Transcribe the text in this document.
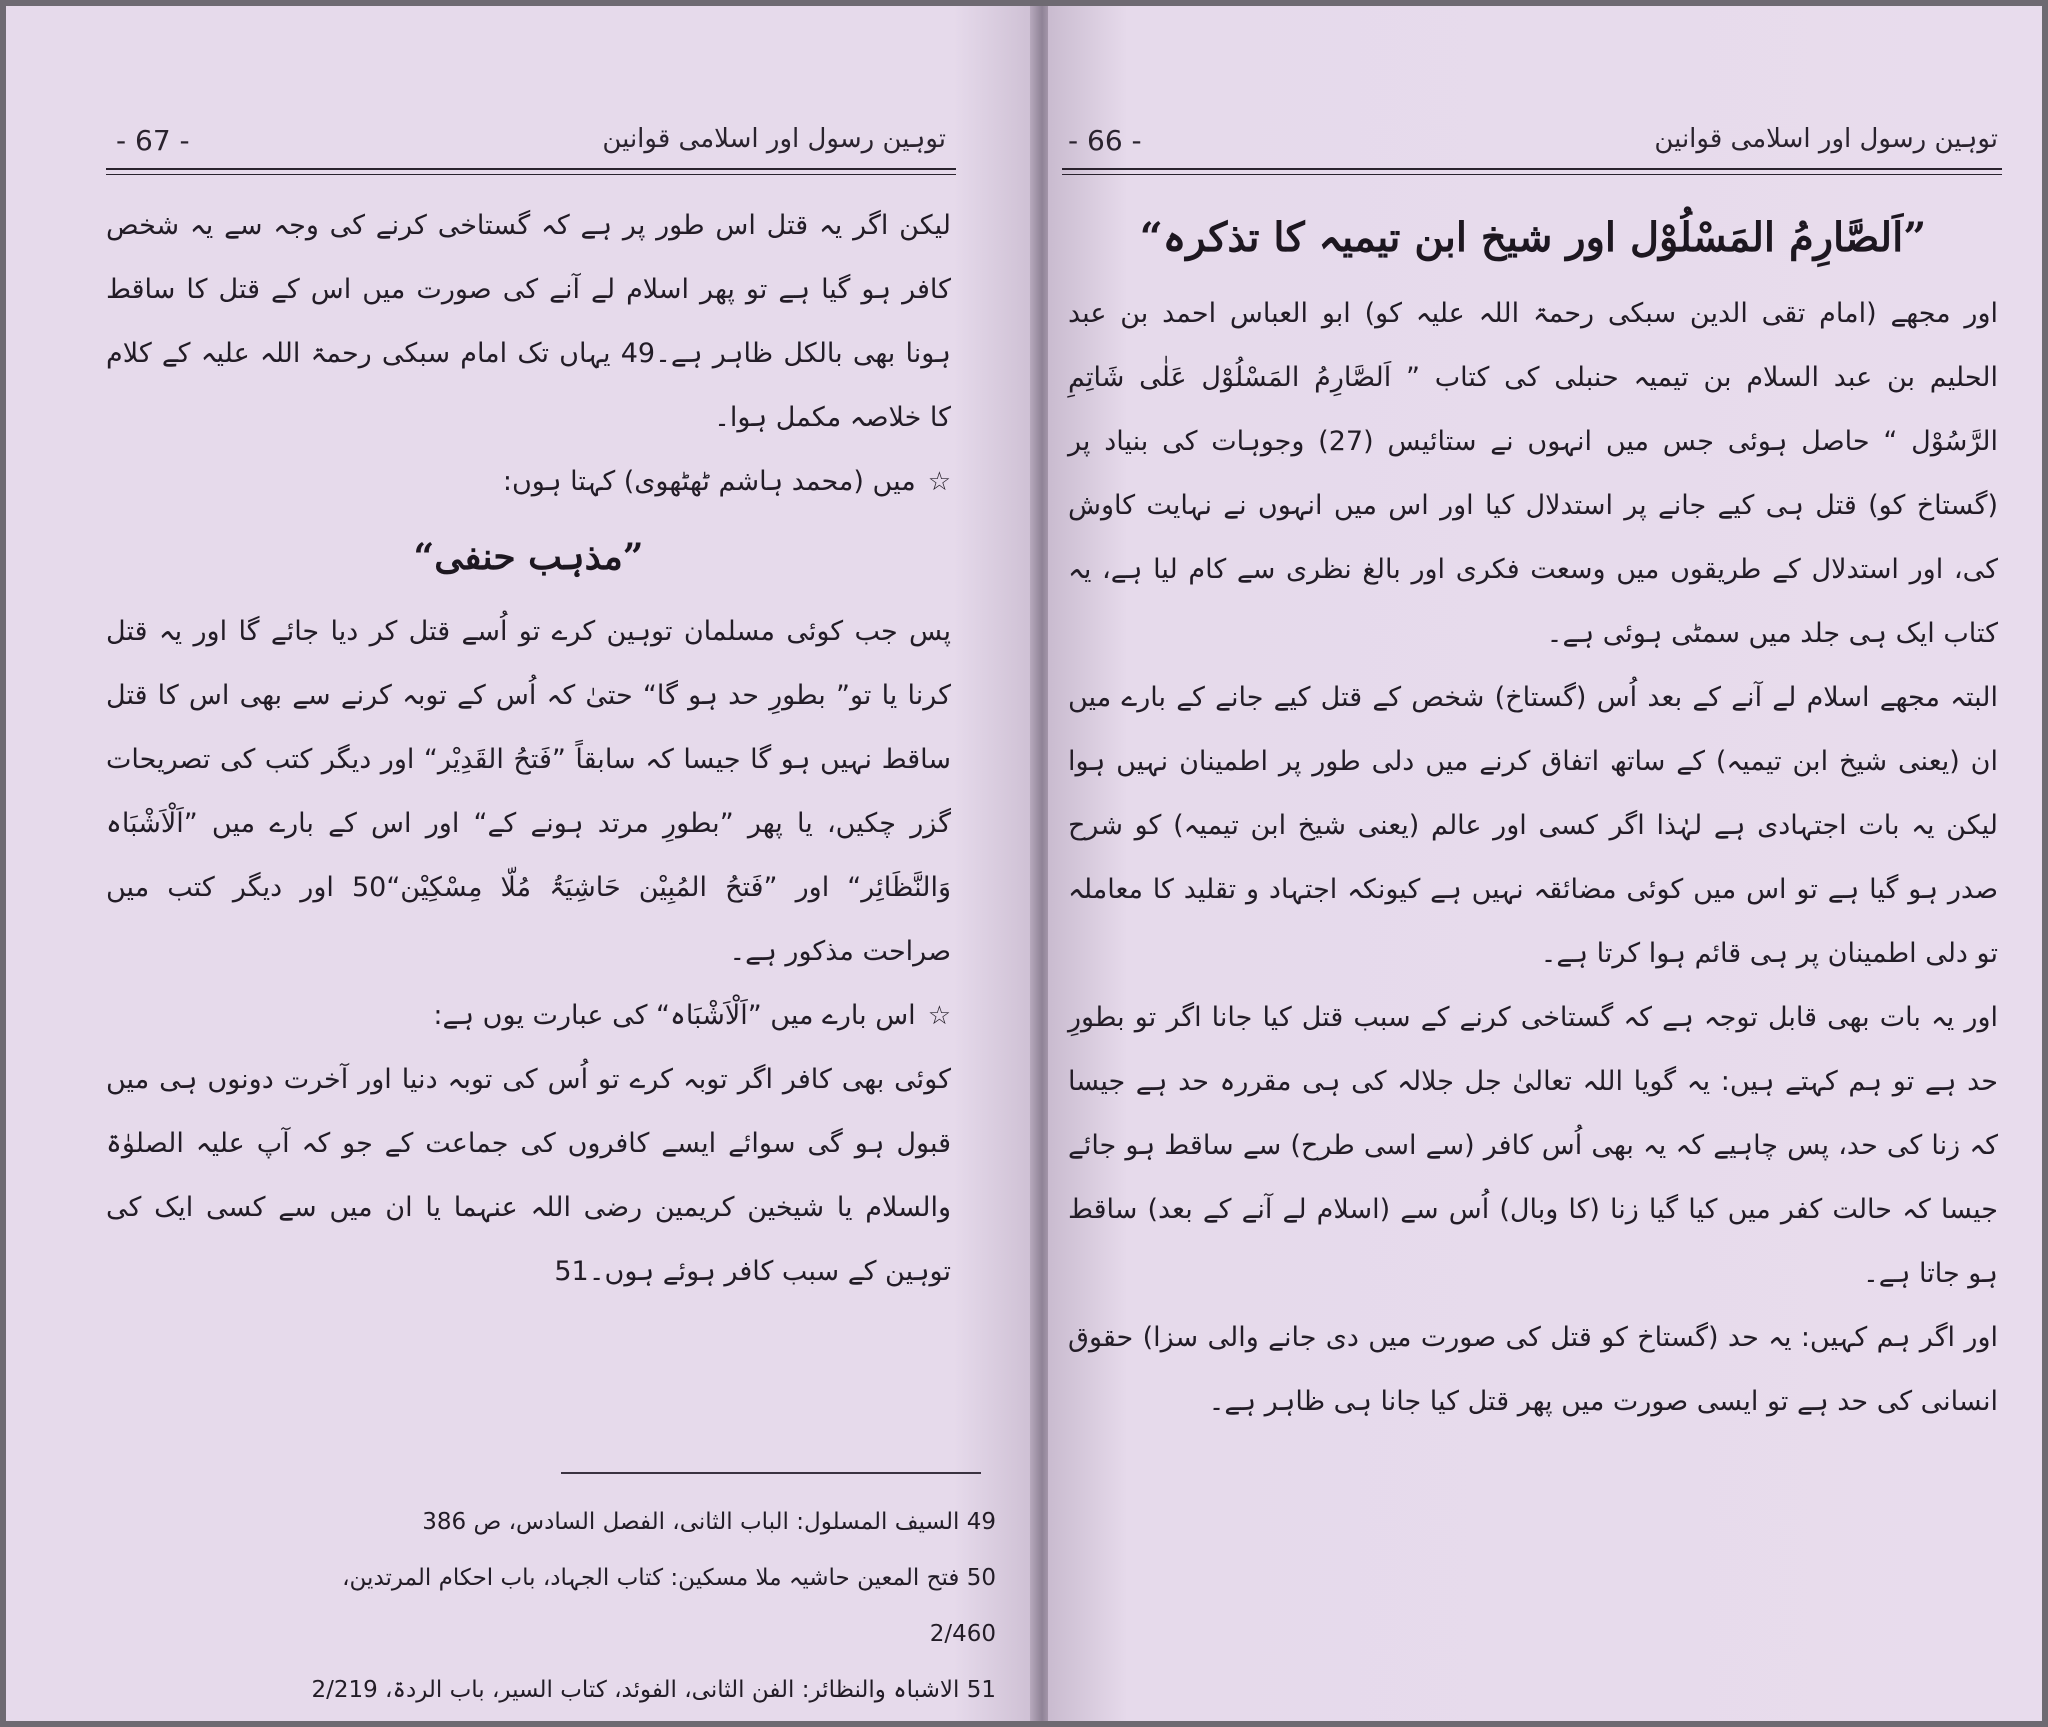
- 67 -	توہین رسول اور اسلامی قوانین

لیکن اگر یہ قتل اس طور پر ہے کہ گستاخی کرنے کی وجہ سے یہ شخص کافر ہو گیا ہے تو پھر اسلام لے آنے کی صورت میں اس کے قتل کا ساقط ہونا بھی بالکل ظاہر ہے۔49 یہاں تک امام سبکی رحمۃ اللہ علیہ کے کلام کا خلاصہ مکمل ہوا۔

☆میں (محمد ہاشم ٹھٹھوی) کہتا ہوں:

”مذہب حنفی“

پس جب کوئی مسلمان توہین کرے تو اُسے قتل کر دیا جائے گا اور یہ قتل کرنا یا تو” بطورِ حد ہو گا“ حتیٰ کہ اُس کے توبہ کرنے سے بھی اس کا قتل ساقط نہیں ہو گا جیسا کہ سابقاً ”فَتحُ القَدِیْر“ اور دیگر کتب کی تصریحات گزر چکیں، یا پھر ”بطورِ مرتد ہونے کے“ اور اس کے بارے میں ”اَلْاَشْبَاہ وَالنَّظَائِر“ اور ”فَتحُ المُبِیْن حَاشِیَۃُ مُلّا مِسْکِیْن“50 اور دیگر کتب میں صراحت مذکور ہے۔

☆اس بارے میں ”اَلْاَشْبَاہ“ کی عبارت یوں ہے:

کوئی بھی کافر اگر توبہ کرے تو اُس کی توبہ دنیا اور آخرت دونوں ہی میں قبول ہو گی سوائے ایسے کافروں کی جماعت کے جو کہ آپ علیہ الصلوٰۃ والسلام یا شیخین کریمین رضی اللہ عنہما یا ان میں سے کسی ایک کی توہین کے سبب کافر ہوئے ہوں۔51

49 السیف المسلول: الباب الثانی، الفصل السادس، ص 386

50 فتح المعین حاشیہ ملا مسکین: کتاب الجہاد، باب احکام المرتدین، 2/460

51 الاشباہ والنظائر: الفن الثانی، الفوئد، کتاب السیر، باب الردۃ، 2/219

- 66 -	توہین رسول اور اسلامی قوانین

”اَلصَّارِمُ المَسْلُوْل اور شیخ ابن تیمیہ کا تذکرہ“

اور مجھے (امام تقی الدین سبکی رحمۃ اللہ علیہ کو) ابو العباس احمد بن عبد الحلیم بن عبد السلام بن تیمیہ حنبلی کی کتاب ” اَلصَّارِمُ المَسْلُوْل عَلٰی شَاتِمِ الرَّسُوْل “ حاصل ہوئی جس میں انہوں نے ستائیس (27) وجوہات کی بنیاد پر (گستاخ کو) قتل ہی کیے جانے پر استدلال کیا اور اس میں انہوں نے نہایت کاوش کی، اور استدلال کے طریقوں میں وسعت فکری اور بالغ نظری سے کام لیا ہے، یہ کتاب ایک ہی جلد میں سمٹی ہوئی ہے۔

البتہ مجھے اسلام لے آنے کے بعد اُس (گستاخ) شخص کے قتل کیے جانے کے بارے میں ان (یعنی شیخ ابن تیمیہ) کے ساتھ اتفاق کرنے میں دلی طور پر اطمینان نہیں ہوا لیکن یہ بات اجتہادی ہے لہٰذا اگر کسی اور عالم (یعنی شیخ ابن تیمیہ) کو شرح صدر ہو گیا ہے تو اس میں کوئی مضائقہ نہیں ہے کیونکہ اجتہاد و تقلید کا معاملہ تو دلی اطمینان پر ہی قائم ہوا کرتا ہے۔

اور یہ بات بھی قابل توجہ ہے کہ گستاخی کرنے کے سبب قتل کیا جانا اگر تو بطورِ حد ہے تو ہم کہتے ہیں: یہ گویا اللہ تعالیٰ جل جلالہ کی ہی مقررہ حد ہے جیسا کہ زنا کی حد، پس چاہیے کہ یہ بھی اُس کافر (سے اسی طرح) سے ساقط ہو جائے جیسا کہ حالت کفر میں کیا گیا زنا (کا وبال) اُس سے (اسلام لے آنے کے بعد) ساقط ہو جاتا ہے۔

اور اگر ہم کہیں: یہ حد (گستاخ کو قتل کی صورت میں دی جانے والی سزا) حقوق انسانی کی حد ہے تو ایسی صورت میں پھر قتل کیا جانا ہی ظاہر ہے۔
